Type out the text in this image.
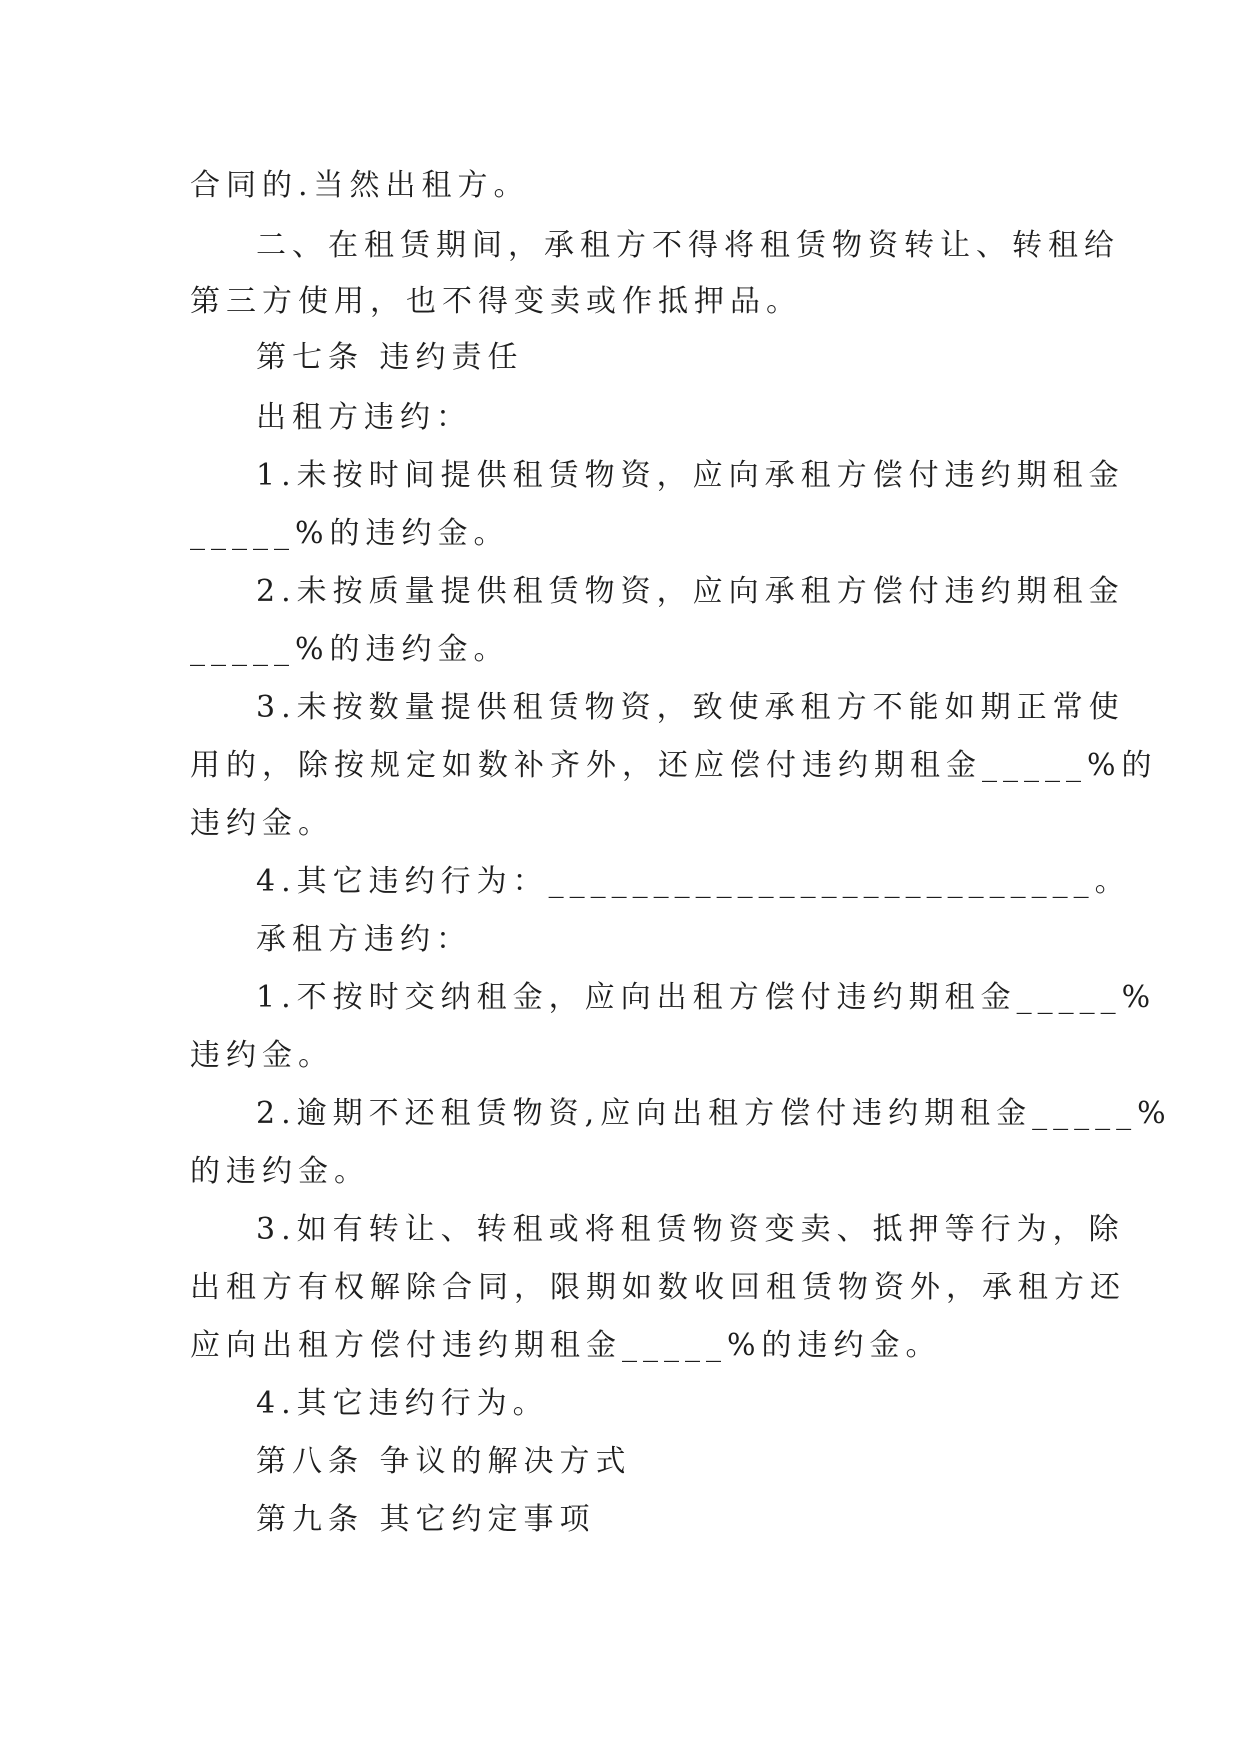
合同的.当然出租方。
二、在租赁期间，承租方不得将租赁物资转让、转租给
第三方使用，也不得变卖或作抵押品。
第七条 违约责任
出租方违约：
1.未按时间提供租赁物资，应向承租方偿付违约期租金
_____%的违约金。
2.未按质量提供租赁物资，应向承租方偿付违约期租金
_____%的违约金。
3.未按数量提供租赁物资，致使承租方不能如期正常使
用的，除按规定如数补齐外，还应偿付违约期租金_____%的
违约金。
4.其它违约行为：__________________________。
承租方违约：
1.不按时交纳租金，应向出租方偿付违约期租金_____%
违约金。
2.逾期不还租赁物资,应向出租方偿付违约期租金_____%
的违约金。
3.如有转让、转租或将租赁物资变卖、抵押等行为，除
出租方有权解除合同，限期如数收回租赁物资外，承租方还
应向出租方偿付违约期租金_____%的违约金。
4.其它违约行为。
第八条 争议的解决方式
第九条 其它约定事项
